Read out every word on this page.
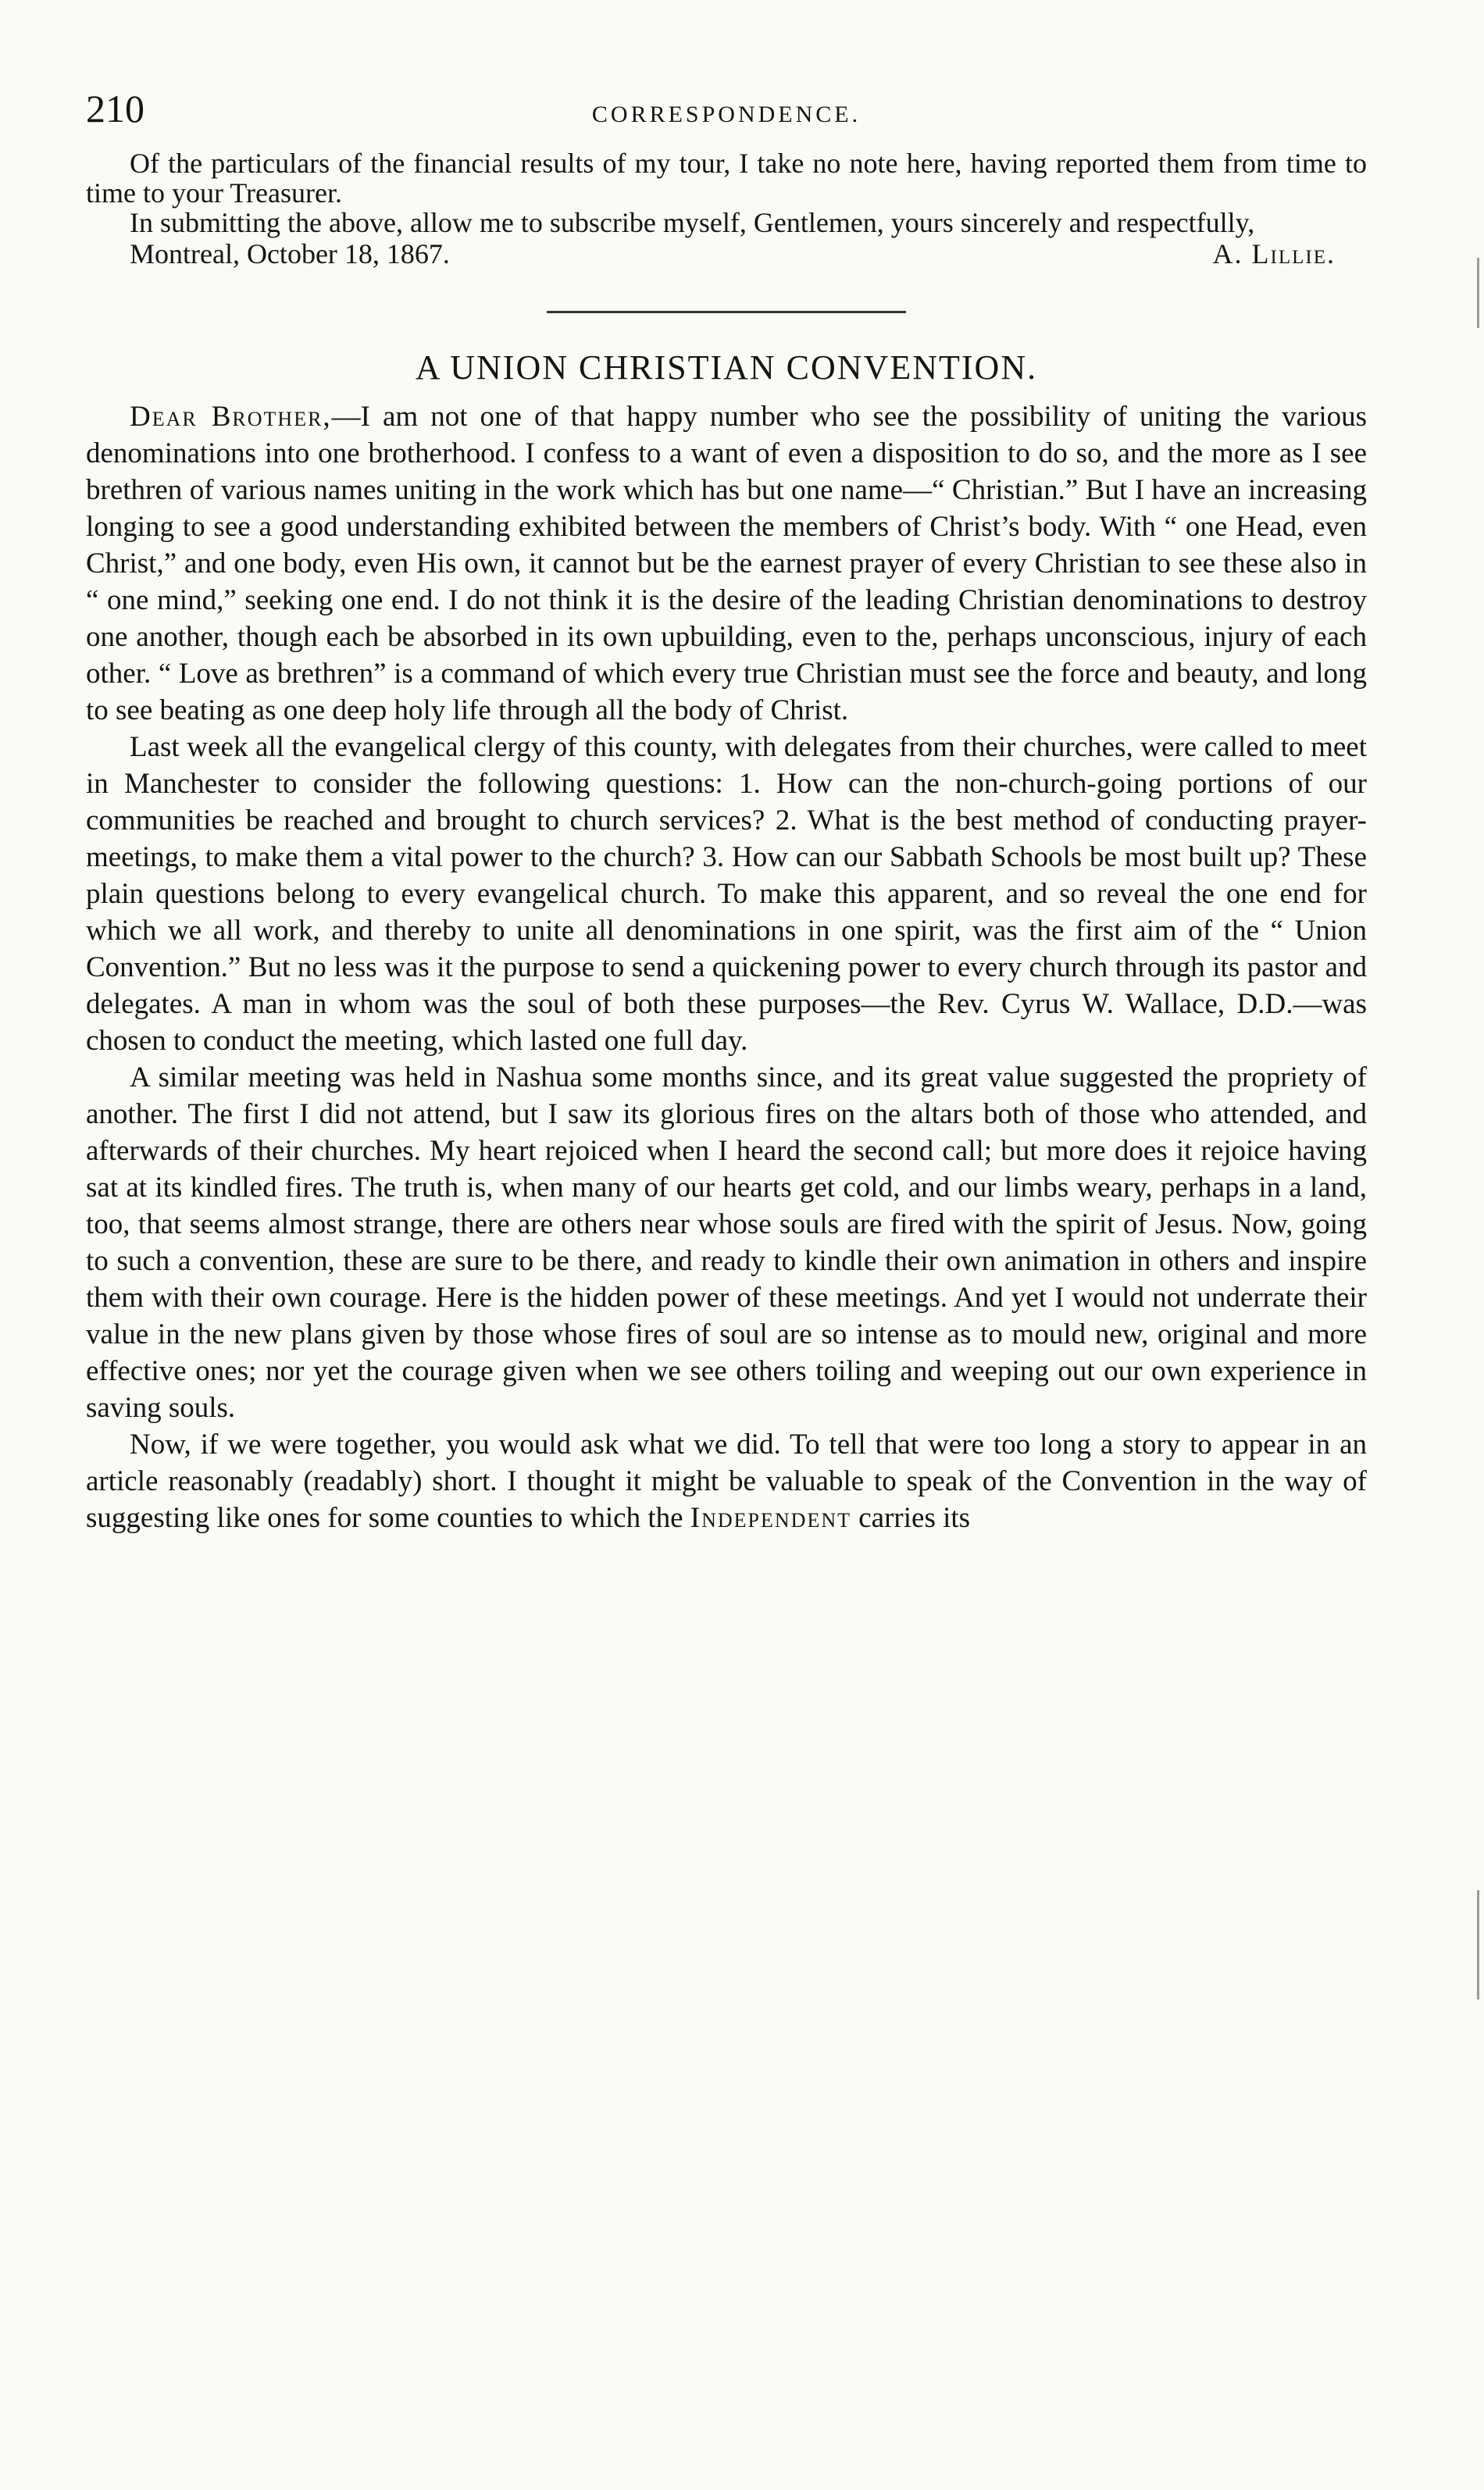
210	CORRESPONDENCE.

Of the particulars of the financial results of my tour, I take no note here, having reported them from time to time to your Treasurer.

In submitting the above, allow me to subscribe myself, Gentlemen, yours sincerely and respectfully,

Montreal, October 18, 1867.	A. Lillie.
A UNION CHRISTIAN CONVENTION.

Dear Brother,—I am not one of that happy number who see the possibility of uniting the various denominations into one brotherhood. I confess to a want of even a disposition to do so, and the more as I see brethren of various names uniting in the work which has but one name—“ Christian.” But I have an increasing longing to see a good understanding exhibited between the members of Christ’s body. With “ one Head, even Christ,” and one body, even His own, it cannot but be the earnest prayer of every Christian to see these also in “ one mind,” seeking one end. I do not think it is the desire of the leading Christian denominations to destroy one another, though each be absorbed in its own upbuilding, even to the, perhaps unconscious, injury of each other. “ Love as brethren” is a command of which every true Christian must see the force and beauty, and long to see beating as one deep holy life through all the body of Christ.

Last week all the evangelical clergy of this county, with delegates from their churches, were called to meet in Manchester to consider the following questions: 1. How can the non-church-going portions of our communities be reached and brought to church services? 2. What is the best method of conducting prayer-meetings, to make them a vital power to the church? 3. How can our Sabbath Schools be most built up? These plain questions belong to every evangelical church. To make this apparent, and so reveal the one end for which we all work, and thereby to unite all denominations in one spirit, was the first aim of the “ Union Convention.” But no less was it the purpose to send a quickening power to every church through its pastor and delegates. A man in whom was the soul of both these purposes—the Rev. Cyrus W. Wallace, D.D.—was chosen to conduct the meeting, which lasted one full day.

A similar meeting was held in Nashua some months since, and its great value suggested the propriety of another. The first I did not attend, but I saw its glorious fires on the altars both of those who attended, and afterwards of their churches. My heart rejoiced when I heard the second call; but more does it rejoice having sat at its kindled fires. The truth is, when many of our hearts get cold, and our limbs weary, perhaps in a land, too, that seems almost strange, there are others near whose souls are fired with the spirit of Jesus. Now, going to such a convention, these are sure to be there, and ready to kindle their own animation in others and inspire them with their own courage. Here is the hidden power of these meetings. And yet I would not underrate their value in the new plans given by those whose fires of soul are so intense as to mould new, original and more effective ones; nor yet the courage given when we see others toiling and weeping out our own experience in saving souls.

Now, if we were together, you would ask what we did. To tell that were too long a story to appear in an article reasonably (readably) short. I thought it might be valuable to speak of the Convention in the way of suggesting like ones for some counties to which the Independent carries its
